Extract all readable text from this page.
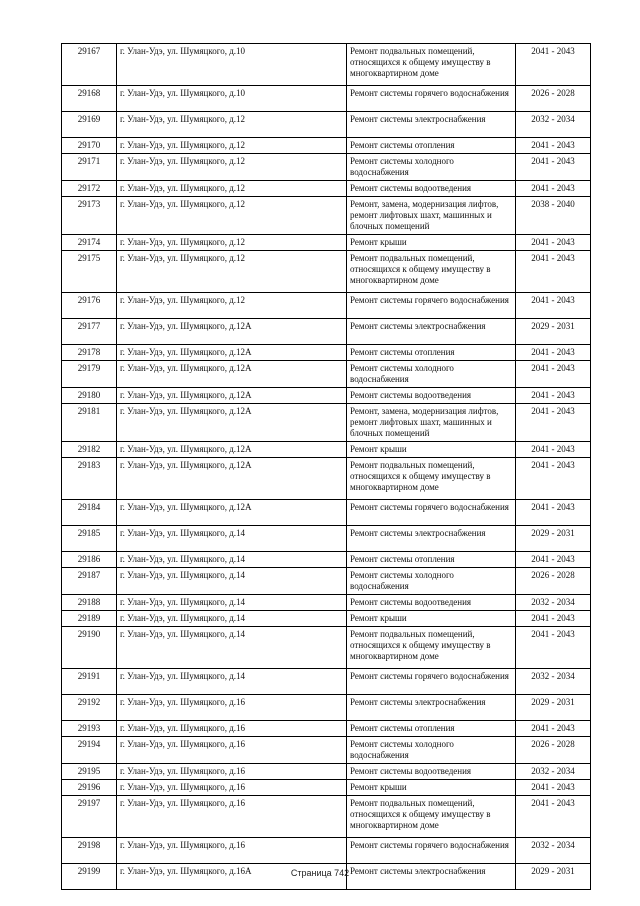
29167	г. Улан-Удэ, ул. Шумяцкого, д.10	Ремонт подвальных помещений, относящихся к общему имуществу в многоквартирном доме	2041 - 2043
29168	г. Улан-Удэ, ул. Шумяцкого, д.10	Ремонт системы горячего водоснабжения	2026 - 2028
29169	г. Улан-Удэ, ул. Шумяцкого, д.12	Ремонт системы электроснабжения	2032 - 2034
29170	г. Улан-Удэ, ул. Шумяцкого, д.12	Ремонт системы отопления	2041 - 2043
29171	г. Улан-Удэ, ул. Шумяцкого, д.12	Ремонт системы холодного водоснабжения	2041 - 2043
29172	г. Улан-Удэ, ул. Шумяцкого, д.12	Ремонт системы водоотведения	2041 - 2043
29173	г. Улан-Удэ, ул. Шумяцкого, д.12	Ремонт, замена, модернизация лифтов, ремонт лифтовых шахт, машинных и блочных помещений	2038 - 2040
29174	г. Улан-Удэ, ул. Шумяцкого, д.12	Ремонт крыши	2041 - 2043
29175	г. Улан-Удэ, ул. Шумяцкого, д.12	Ремонт подвальных помещений, относящихся к общему имуществу в многоквартирном доме	2041 - 2043
29176	г. Улан-Удэ, ул. Шумяцкого, д.12	Ремонт системы горячего водоснабжения	2041 - 2043
29177	г. Улан-Удэ, ул. Шумяцкого, д.12А	Ремонт системы электроснабжения	2029 - 2031
29178	г. Улан-Удэ, ул. Шумяцкого, д.12А	Ремонт системы отопления	2041 - 2043
29179	г. Улан-Удэ, ул. Шумяцкого, д.12А	Ремонт системы холодного водоснабжения	2041 - 2043
29180	г. Улан-Удэ, ул. Шумяцкого, д.12А	Ремонт системы водоотведения	2041 - 2043
29181	г. Улан-Удэ, ул. Шумяцкого, д.12А	Ремонт, замена, модернизация лифтов, ремонт лифтовых шахт, машинных и блочных помещений	2041 - 2043
29182	г. Улан-Удэ, ул. Шумяцкого, д.12А	Ремонт крыши	2041 - 2043
29183	г. Улан-Удэ, ул. Шумяцкого, д.12А	Ремонт подвальных помещений, относящихся к общему имуществу в многоквартирном доме	2041 - 2043
29184	г. Улан-Удэ, ул. Шумяцкого, д.12А	Ремонт системы горячего водоснабжения	2041 - 2043
29185	г. Улан-Удэ, ул. Шумяцкого, д.14	Ремонт системы электроснабжения	2029 - 2031
29186	г. Улан-Удэ, ул. Шумяцкого, д.14	Ремонт системы отопления	2041 - 2043
29187	г. Улан-Удэ, ул. Шумяцкого, д.14	Ремонт системы холодного водоснабжения	2026 - 2028
29188	г. Улан-Удэ, ул. Шумяцкого, д.14	Ремонт системы водоотведения	2032 - 2034
29189	г. Улан-Удэ, ул. Шумяцкого, д.14	Ремонт крыши	2041 - 2043
29190	г. Улан-Удэ, ул. Шумяцкого, д.14	Ремонт подвальных помещений, относящихся к общему имуществу в многоквартирном доме	2041 - 2043
29191	г. Улан-Удэ, ул. Шумяцкого, д.14	Ремонт системы горячего водоснабжения	2032 - 2034
29192	г. Улан-Удэ, ул. Шумяцкого, д.16	Ремонт системы электроснабжения	2029 - 2031
29193	г. Улан-Удэ, ул. Шумяцкого, д.16	Ремонт системы отопления	2041 - 2043
29194	г. Улан-Удэ, ул. Шумяцкого, д.16	Ремонт системы холодного водоснабжения	2026 - 2028
29195	г. Улан-Удэ, ул. Шумяцкого, д.16	Ремонт системы водоотведения	2032 - 2034
29196	г. Улан-Удэ, ул. Шумяцкого, д.16	Ремонт крыши	2041 - 2043
29197	г. Улан-Удэ, ул. Шумяцкого, д.16	Ремонт подвальных помещений, относящихся к общему имуществу в многоквартирном доме	2041 - 2043
29198	г. Улан-Удэ, ул. Шумяцкого, д.16	Ремонт системы горячего водоснабжения	2032 - 2034
29199	г. Улан-Удэ, ул. Шумяцкого, д.16А	Ремонт системы электроснабжения	2029 - 2031
Страница 742
